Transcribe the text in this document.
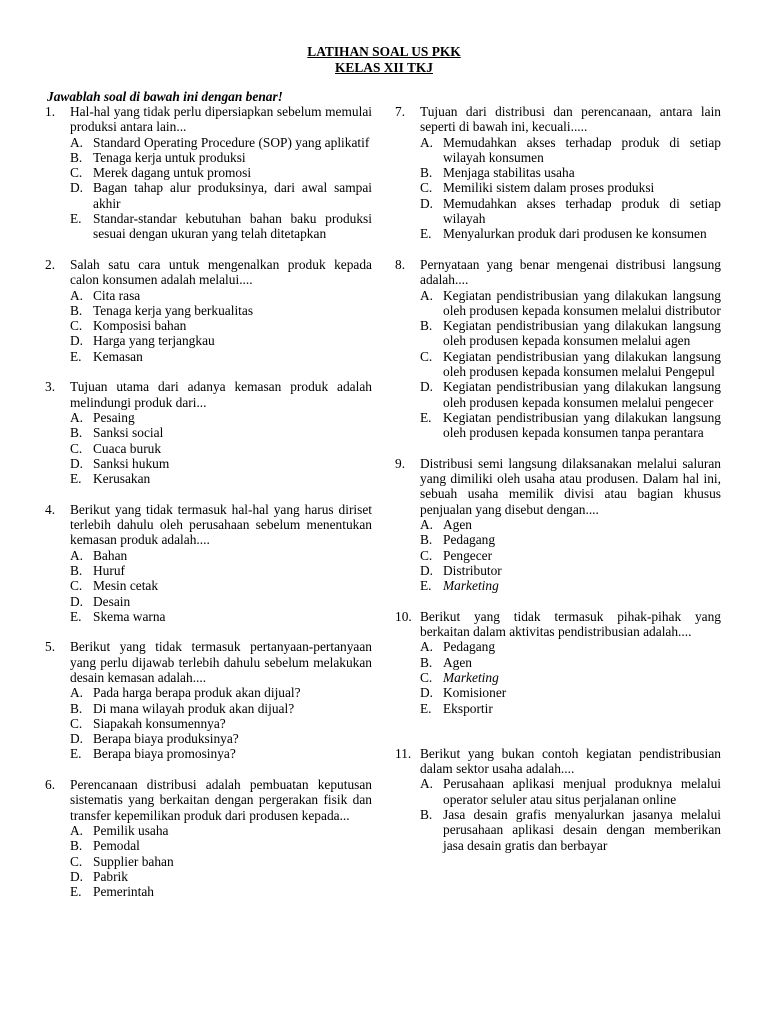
LATIHAN SOAL US PKK
KELAS XII TKJ
Jawablah soal di bawah ini dengan benar!
1.	Hal-hal yang tidak perlu dipersiapkan sebelum memulai produksi antara lain...
A. Standard Operating Procedure (SOP) yang aplikatif
B. Tenaga kerja untuk produksi
C. Merek dagang untuk promosi
D. Bagan tahap alur produksinya, dari awal sampai akhir
E. Standar-standar kebutuhan bahan baku produksi sesuai dengan ukuran yang telah ditetapkan
2.	Salah satu cara untuk mengenalkan produk kepada calon konsumen adalah melalui....
A. Cita rasa
B. Tenaga kerja yang berkualitas
C. Komposisi bahan
D. Harga yang terjangkau
E. Kemasan
3.	Tujuan utama dari adanya kemasan produk adalah melindungi produk dari...
A. Pesaing
B. Sanksi social
C. Cuaca buruk
D. Sanksi hukum
E. Kerusakan
4.	Berikut yang tidak termasuk hal-hal yang harus diriset terlebih dahulu oleh perusahaan sebelum menentukan kemasan produk adalah....
A. Bahan
B. Huruf
C. Mesin cetak
D. Desain
E. Skema warna
5.	Berikut yang tidak termasuk pertanyaan-pertanyaan yang perlu dijawab terlebih dahulu sebelum melakukan desain kemasan adalah....
A. Pada harga berapa produk akan dijual?
B. Di mana wilayah produk akan dijual?
C. Siapakah konsumennya?
D. Berapa biaya produksinya?
E. Berapa biaya promosinya?
6.	Perencanaan distribusi adalah pembuatan keputusan sistematis yang berkaitan dengan pergerakan fisik dan transfer kepemilikan produk dari produsen kepada...
A. Pemilik usaha
B. Pemodal
C. Supplier bahan
D. Pabrik
E. Pemerintah
7.	Tujuan dari distribusi dan perencanaan, antara lain seperti di bawah ini, kecuali.....
A. Memudahkan akses terhadap produk di setiap wilayah konsumen
B. Menjaga stabilitas usaha
C. Memiliki sistem dalam proses produksi
D. Memudahkan akses terhadap produk di setiap wilayah
E. Menyalurkan produk dari produsen ke konsumen
8.	Pernyataan yang benar mengenai distribusi langsung adalah....
A. Kegiatan pendistribusian yang dilakukan langsung oleh produsen kepada konsumen melalui distributor
B. Kegiatan pendistribusian yang dilakukan langsung oleh produsen kepada konsumen melalui agen
C. Kegiatan pendistribusian yang dilakukan langsung oleh produsen kepada konsumen melalui Pengepul
D. Kegiatan pendistribusian yang dilakukan langsung oleh produsen kepada konsumen melalui pengecer
E. Kegiatan pendistribusian yang dilakukan langsung oleh produsen kepada konsumen tanpa perantara
9.	Distribusi semi langsung dilaksanakan melalui saluran yang dimiliki oleh usaha atau produsen. Dalam hal ini, sebuah usaha memilik divisi atau bagian khusus penjualan yang disebut dengan....
A. Agen
B. Pedagang
C. Pengecer
D. Distributor
E. Marketing
10. Berikut yang tidak termasuk pihak-pihak yang berkaitan dalam aktivitas pendistribusian adalah....
A. Pedagang
B. Agen
C. Marketing
D. Komisioner
E. Eksportir
11. Berikut yang bukan contoh kegiatan pendistribusian dalam sektor usaha adalah....
A. Perusahaan aplikasi menjual produknya melalui operator seluler atau situs perjalanan online
B. Jasa desain grafis menyalurkan jasanya melalui perusahaan aplikasi desain dengan memberikan jasa desain gratis dan berbayar
